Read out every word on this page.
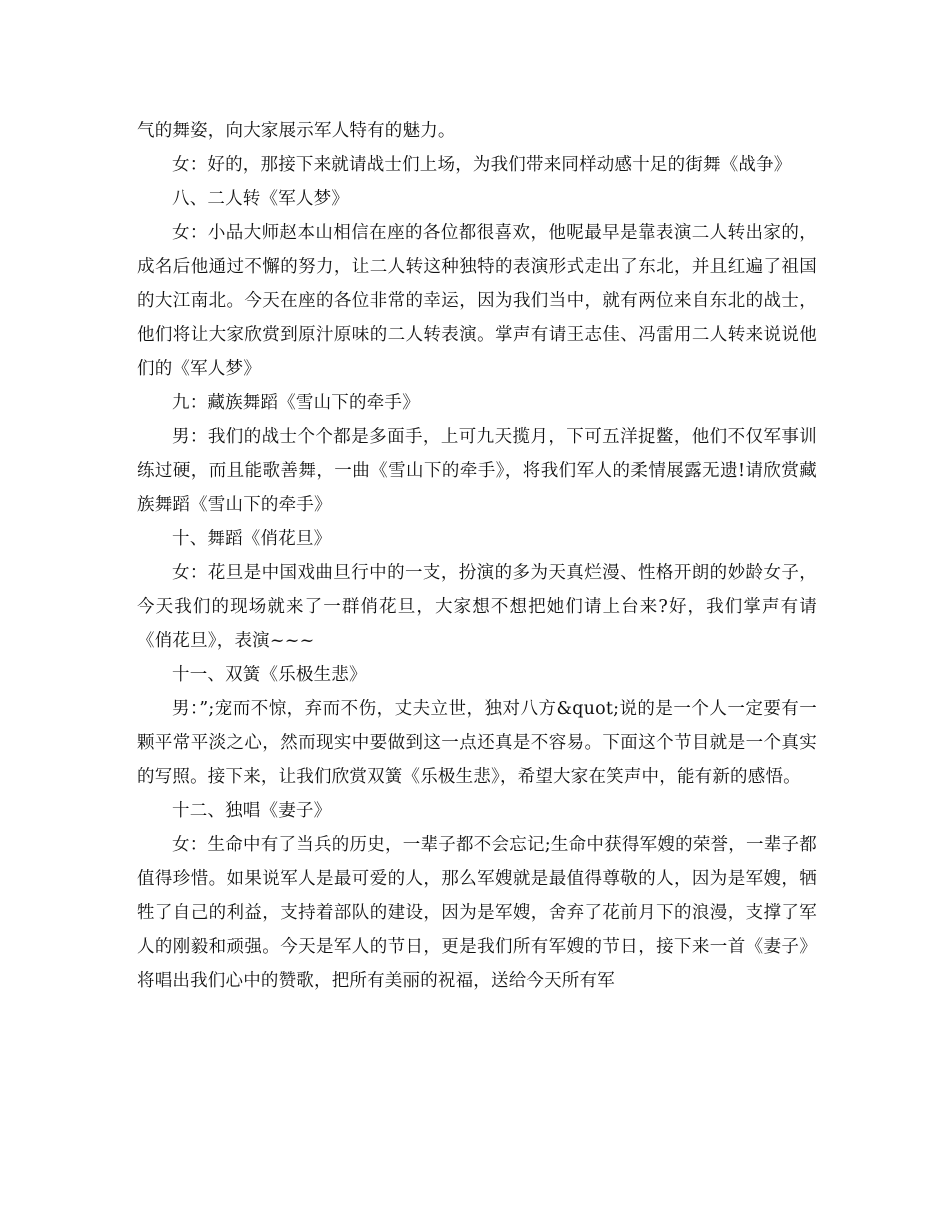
气的舞姿，向大家展示军人特有的魅力。

女：好的，那接下来就请战士们上场，为我们带来同样动感十足的街舞《战争》

八、二人转《军人梦》

女：小品大师赵本山相信在座的各位都很喜欢，他呢最早是靠表演二人转出家的，成名后他通过不懈的努力，让二人转这种独特的表演形式走出了东北，并且红遍了祖国的大江南北。今天在座的各位非常的幸运，因为我们当中，就有两位来自东北的战士，他们将让大家欣赏到原汁原味的二人转表演。掌声有请王志佳、冯雷用二人转来说说他们的《军人梦》

九：藏族舞蹈《雪山下的牵手》

男：我们的战士个个都是多面手，上可九天揽月，下可五洋捉鳖，他们不仅军事训练过硬，而且能歌善舞，一曲《雪山下的牵手》，将我们军人的柔情展露无遗!请欣赏藏族舞蹈《雪山下的牵手》

十、舞蹈《俏花旦》

女：花旦是中国戏曲旦行中的一支，扮演的多为天真烂漫、性格开朗的妙龄女子，今天我们的现场就来了一群俏花旦，大家想不想把她们请上台来?好，我们掌声有请《俏花旦》，表演~~~

十一、双簧《乐极生悲》

男：”;宠而不惊，弃而不伤，丈夫立世，独对八方&quot;说的是一个人一定要有一颗平常平淡之心，然而现实中要做到这一点还真是不容易。下面这个节目就是一个真实的写照。接下来，让我们欣赏双簧《乐极生悲》，希望大家在笑声中，能有新的感悟。

十二、独唱《妻子》

女：生命中有了当兵的历史，一辈子都不会忘记;生命中获得军嫂的荣誉，一辈子都值得珍惜。如果说军人是最可爱的人，那么军嫂就是最值得尊敬的人，因为是军嫂，牺牲了自己的利益，支持着部队的建设，因为是军嫂，舍弃了花前月下的浪漫，支撑了军人的刚毅和顽强。今天是军人的节日，更是我们所有军嫂的节日，接下来一首《妻子》将唱出我们心中的赞歌，把所有美丽的祝福，送给今天所有军
